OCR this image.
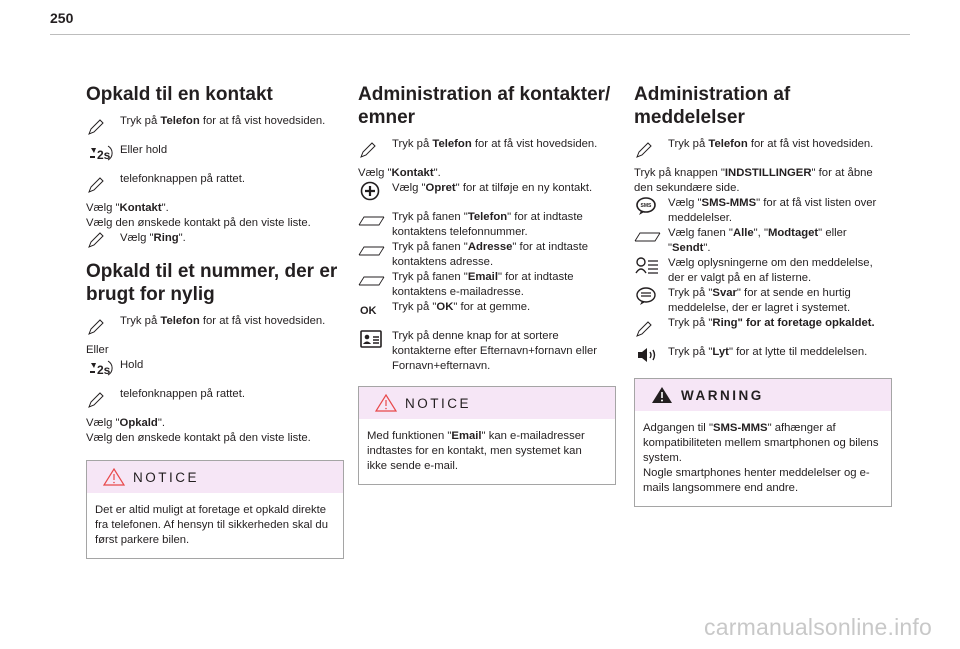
250
Opkald til en kontakt
Tryk på Telefon for at få vist hovedsiden.
2s Eller hold
telefonknappen på rattet.
Vælg "Kontakt".
Vælg den ønskede kontakt på den viste liste.
Vælg "Ring".
Opkald til et nummer, der er brugt for nylig
Tryk på Telefon for at få vist hovedsiden.
Eller
2s Hold
telefonknappen på rattet.
Vælg "Opkald".
Vælg den ønskede kontakt på den viste liste.
NOTICE
Det er altid muligt at foretage et opkald direkte fra telefonen. Af hensyn til sikkerheden skal du først parkere bilen.
Administration af kontakter/ emner
Tryk på Telefon for at få vist hovedsiden.
Vælg "Kontakt".
Vælg "Opret" for at tilføje en ny kontakt.
Tryk på fanen "Telefon" for at indtaste kontaktens telefonnummer.
Tryk på fanen "Adresse" for at indtaste kontaktens adresse.
Tryk på fanen "Email" for at indtaste kontaktens e-mailadresse.
OK Tryk på "OK" for at gemme.
Tryk på denne knap for at sortere kontakterne efter Efternavn+fornavn eller Fornavn+efternavn.
NOTICE
Med funktionen "Email" kan e-mailadresser indtastes for en kontakt, men systemet kan ikke sende e-mail.
Administration af meddelelser
Tryk på Telefon for at få vist hovedsiden.
Tryk på knappen "INDSTILLINGER" for at åbne den sekundære side.
SMS Vælg "SMS-MMS" for at få vist listen over meddelelser.
Vælg fanen "Alle", "Modtaget" eller "Sendt".
Vælg oplysningerne om den meddelelse, der er valgt på en af listerne.
Tryk på "Svar" for at sende en hurtig meddelelse, der er lagret i systemet.
Tryk på "Ring" for at foretage opkaldet.
Tryk på "Lyt" for at lytte til meddelelsen.
WARNING
Adgangen til "SMS-MMS" afhænger af kompatibiliteten mellem smartphonen og bilens system.
Nogle smartphones henter meddelelser og e-mails langsommere end andre.
carmanualsonline.info
